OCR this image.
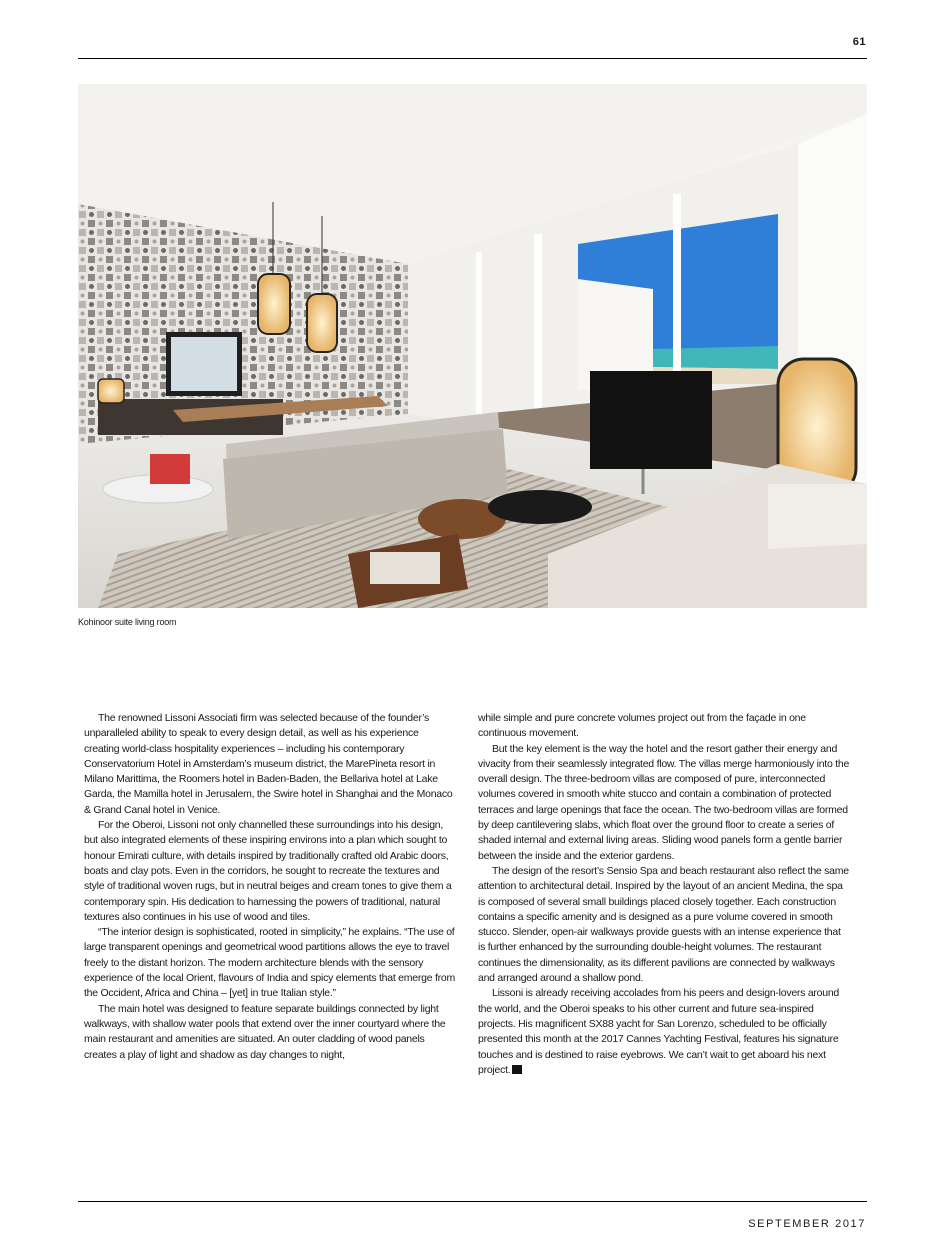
61
Kohinoor suite living room

The renowned Lissoni Associati firm was selected because of the founder’s unparalleled ability to speak to every design detail, as well as his experience creating world-class hospitality experiences – including his contemporary Conservatorium Hotel in Amsterdam’s museum district, the MarePineta resort in Milano Marittima, the Roomers hotel in Baden-Baden, the Bellariva hotel at Lake Garda, the Mamilla hotel in Jerusalem, the Swire hotel in Shanghai and the Monaco & Grand Canal hotel in Venice.

For the Oberoi, Lissoni not only channelled these surroundings into his design, but also integrated elements of these inspiring environs into a plan which sought to honour Emirati culture, with details inspired by traditionally crafted old Arabic doors, boats and clay pots. Even in the corridors, he sought to recreate the textures and style of traditional woven rugs, but in neutral beiges and cream tones to give them a contemporary spin. His dedication to harnessing the powers of traditional, natural textures also continues in his use of wood and tiles.

“The interior design is sophisticated, rooted in simplicity,” he explains. “The use of large transparent openings and geometrical wood partitions allows the eye to travel freely to the distant horizon. The modern architecture blends with the sensory experience of the local Orient, flavours of India and spicy elements that emerge from the Occident, Africa and China – [yet] in true Italian style.”

The main hotel was designed to feature separate buildings connected by light walkways, with shallow water pools that extend over the inner courtyard where the main restaurant and amenities are situated. An outer cladding of wood panels creates a play of light and shadow as day changes to night,

while simple and pure concrete volumes project out from the façade in one continuous movement.

But the key element is the way the hotel and the resort gather their energy and vivacity from their seamlessly integrated flow. The villas merge harmoniously into the overall design. The three-bedroom villas are composed of pure, interconnected volumes covered in smooth white stucco and contain a combination of protected terraces and large openings that face the ocean. The two-bedroom villas are formed by deep cantilevering slabs, which float over the ground floor to create a series of shaded internal and external living areas. Sliding wood panels form a gentle barrier between the inside and the exterior gardens.

The design of the resort’s Sensio Spa and beach restaurant also reflect the same attention to architectural detail. Inspired by the layout of an ancient Medina, the spa is composed of several small buildings placed closely together. Each construction contains a specific amenity and is designed as a pure volume covered in smooth stucco. Slender, open-air walkways provide guests with an intense experience that is further enhanced by the surrounding double-height volumes. The restaurant continues the dimensionality, as its different pavilions are connected by walkways and arranged around a shallow pond.

Lissoni is already receiving accolades from his peers and design-lovers around the world, and the Oberoi speaks to his other current and future sea-inspired projects. His magnificent SX88 yacht for San Lorenzo, scheduled to be officially presented this month at the 2017 Cannes Yachting Festival, features his signature touches and is destined to raise eyebrows. We can’t wait to get aboard his next project.

SEPTEMBER 2017
